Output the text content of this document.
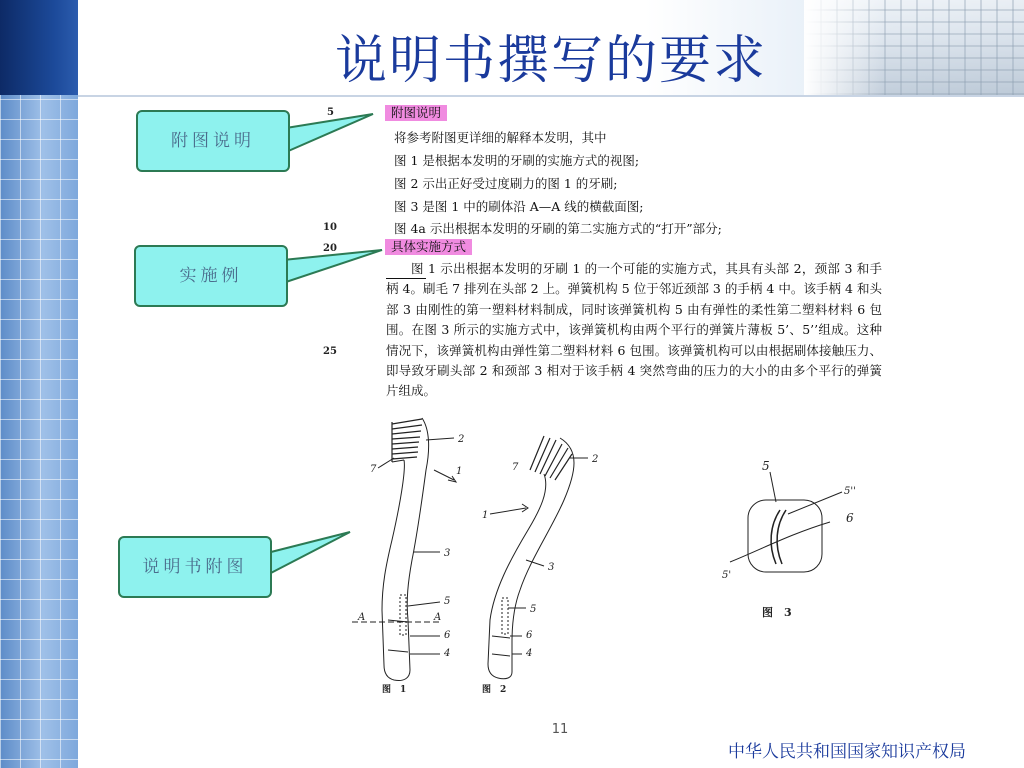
说明书撰写的要求
5
10
20
25
附图说明
将参考附图更详细的解释本发明，其中
图 1 是根据本发明的牙刷的实施方式的视图;
图 2 示出正好受过度刷力的图 1 的牙刷;
图 3 是图 1 中的刷体沿 A—A 线的横截面图;
图 4a 示出根据本发明的牙刷的第二实施方式的“打开”部分;
具体实施方式
图 1 示出根据本发明的牙刷 1 的一个可能的实施方式，其具有头部 2，颈部 3 和手柄 4。刷毛 7 排列在头部 2 上。弹簧机构 5 位于邻近颈部 3 的手柄 4 中。该手柄 4 和头部 3 由刚性的第一塑料材料制成，同时该弹簧机构 5 由有弹性的柔性第二塑料材料 6 包围。在图 3 所示的实施方式中，该弹簧机构由两个平行的弹簧片薄板 5’、5’’组成。这种情况下，该弹簧机构由弹性第二塑料材料 6 包围。该弹簧机构可以由根据刷体接触压力、即导致牙刷头部 2 和颈部 3 相对于该手柄 4 突然弯曲的压力的大小的由多个平行的弹簧片组成。
附图说明
实施例
说明书附图
1
2
7
3
5
6
4
A	A
图　1
1
2
7
3
5
6
4
图　2
5
5''
6
5'
图　3
11
中华人民共和国国家知识产权局
